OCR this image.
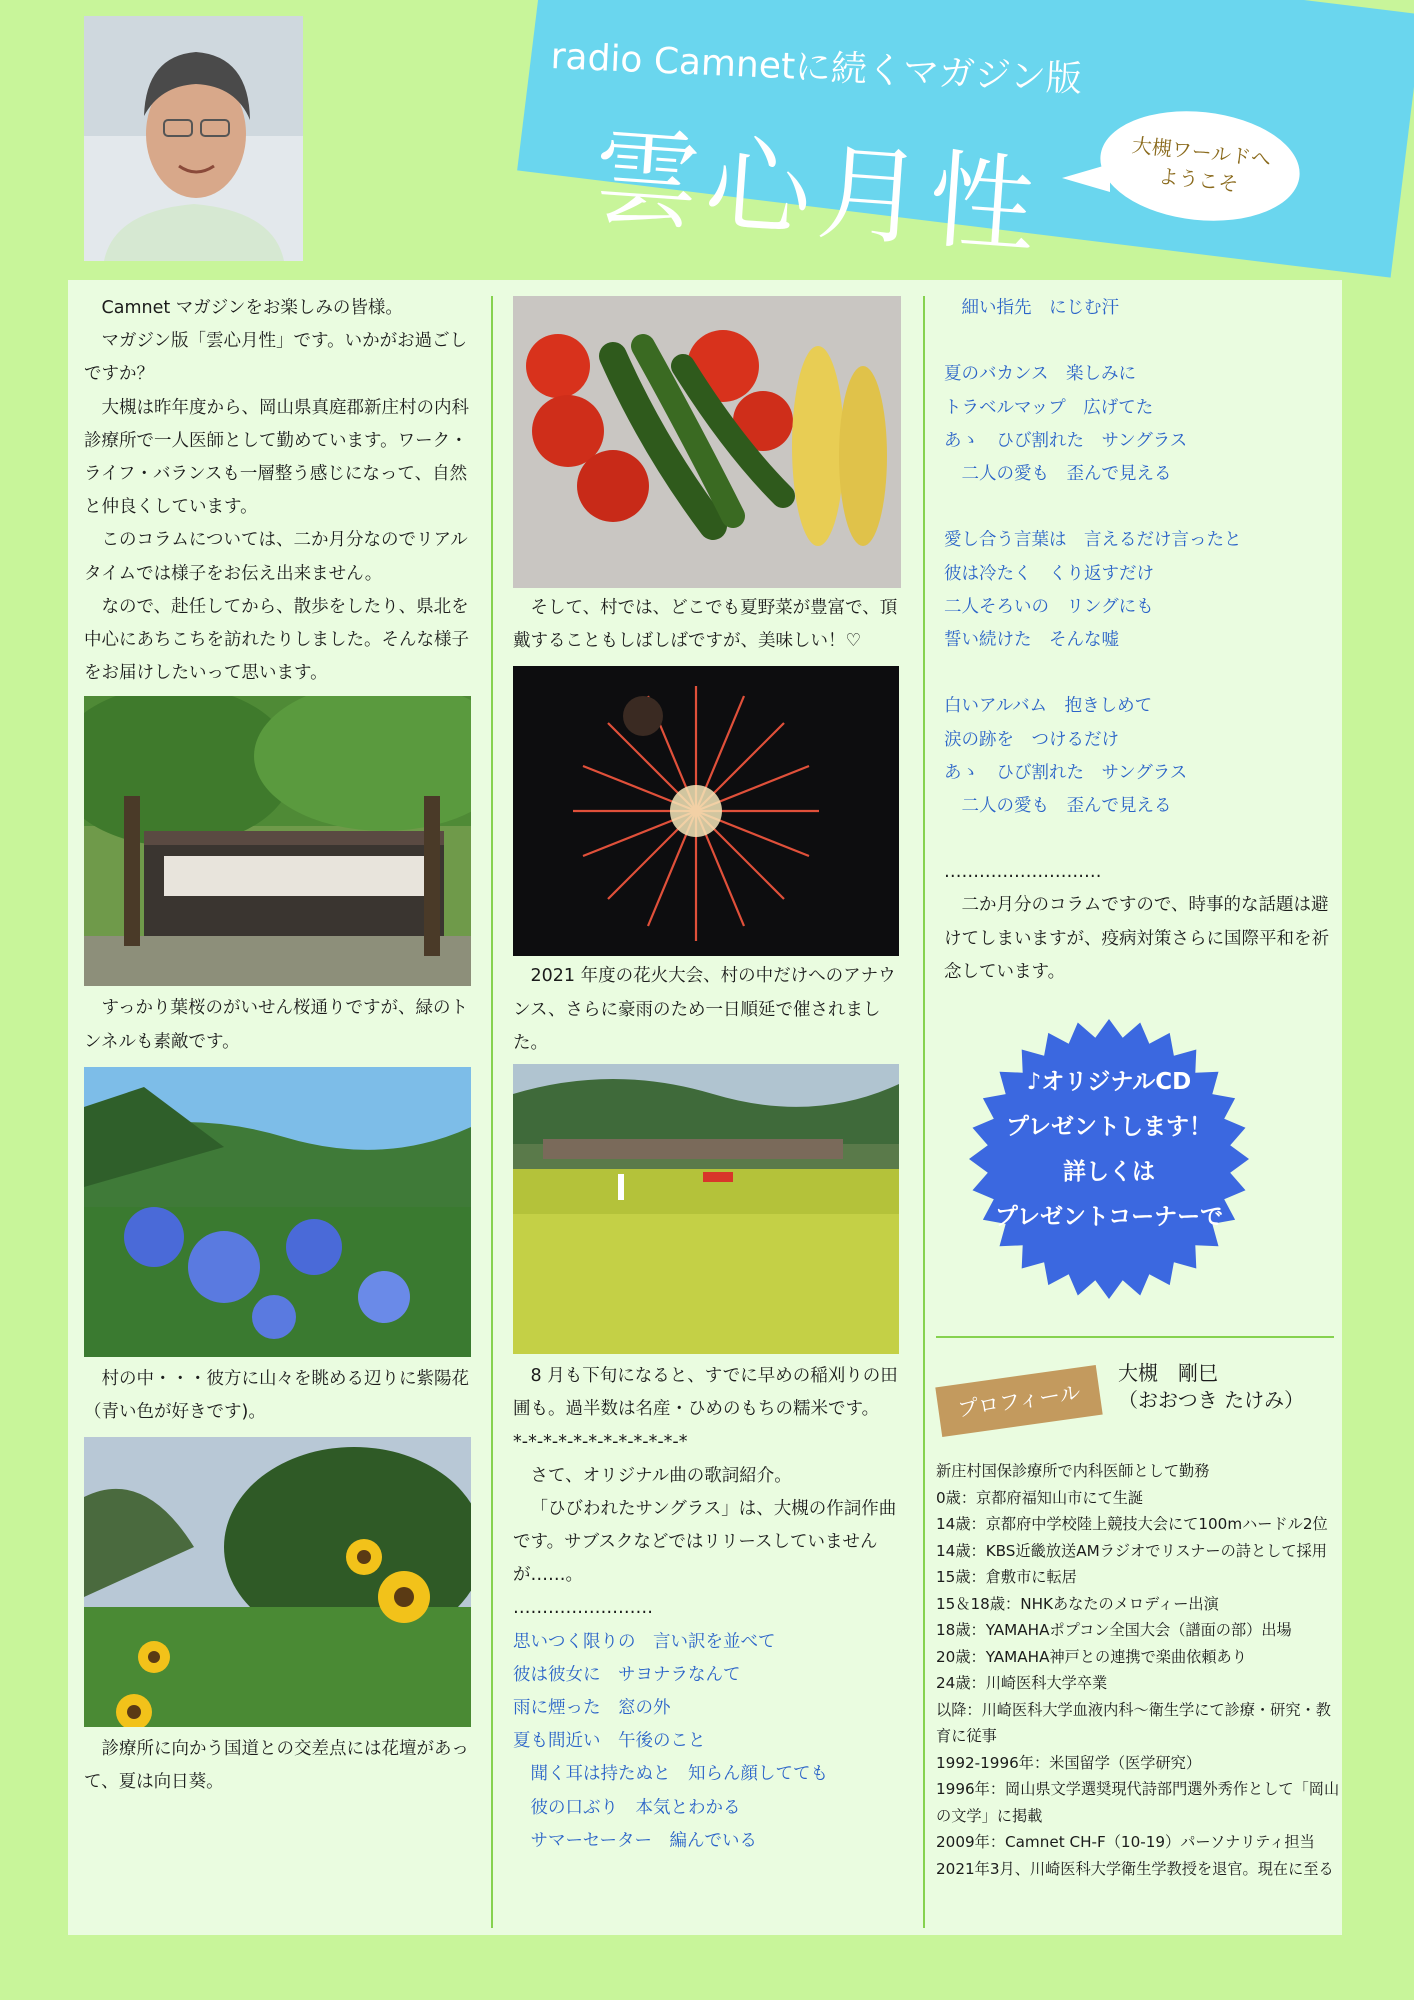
radio Camnetに続くマガジン版
雲心月性	大槻ワールドへ
ようこそ

Camnet マガジンをお楽しみの皆様。

マガジン版「雲心月性」です。いかがお過ごしですか？

大槻は昨年度から、岡山県真庭郡新庄村の内科診療所で一人医師として勤めています。ワーク・ライフ・バランスも一層整う感じになって、自然と仲良くしています。

このコラムについては、二か月分なのでリアルタイムでは様子をお伝え出来ません。

なので、赴任してから、散歩をしたり、県北を中心にあちこちを訪れたりしました。そんな様子をお届けしたいって思います。

すっかり葉桜のがいせん桜通りですが、緑のトンネルも素敵です。

村の中・・・彼方に山々を眺める辺りに紫陽花（青い色が好きです)。

診療所に向かう国道との交差点には花壇があって、夏は向日葵。

そして、村では、どこでも夏野菜が豊富で、頂戴することもしばしばですが、美味しい！♡

2021 年度の花火大会、村の中だけへのアナウンス、さらに豪雨のため一日順延で催されました。

8 月も下旬になると、すでに早めの稲刈りの田圃も。過半数は名産・ひめのもちの糯米です。

*-*-*-*-*-*-*-*-*-*-*-*

さて、オリジナル曲の歌詞紹介。

「ひびわれたサングラス」は、大槻の作詞作曲です。サブスクなどではリリースしていませんが……。

……………………

思いつく限りの　言い訳を並べて

彼は彼女に　サヨナラなんて

雨に煙った　窓の外

夏も間近い　午後のこと

　聞く耳は持たぬと　知らん顔してても

　彼の口ぶり　本気とわかる

　サマーセーター　編んでいる

　細い指先　にじむ汗

夏のバカンス　楽しみに

トラベルマップ　広げてた

あゝ　ひび割れた　サングラス

　二人の愛も　歪んで見える

愛し合う言葉は　言えるだけ言ったと

彼は冷たく　くり返すだけ

二人そろいの　リングにも

誓い続けた　そんな嘘

白いアルバム　抱きしめて

涙の跡を　つけるだけ

あゝ　ひび割れた　サングラス

　二人の愛も　歪んで見える

………………………

二か月分のコラムですので、時事的な話題は避けてしまいますが、疫病対策さらに国際平和を祈念しています。

♪オリジナルCD
プレゼントします！
詳しくは
プレゼントコーナーで
プロフィール
大槻　剛巳
（おおつき たけみ）
新庄村国保診療所で内科医師として勤務
0歳：京都府福知山市にて生誕
14歳：京都府中学校陸上競技大会にて100mハードル2位
14歳：KBS近畿放送AMラジオでリスナーの詩として採用
15歳：倉敷市に転居
15＆18歳：NHKあなたのメロディー出演
18歳：YAMAHAポプコン全国大会（譜面の部）出場
20歳：YAMAHA神戸との連携で楽曲依頼あり
24歳：川崎医科大学卒業
以降：川崎医科大学血液内科～衛生学にて診療・研究・教育に従事
1992-1996年：米国留学（医学研究）
1996年：岡山県文学選奨現代詩部門選外秀作として「岡山の文学」に掲載
2009年：Camnet CH-F（10-19）パーソナリティ担当
2021年3月、川崎医科大学衛生学教授を退官。現在に至る
